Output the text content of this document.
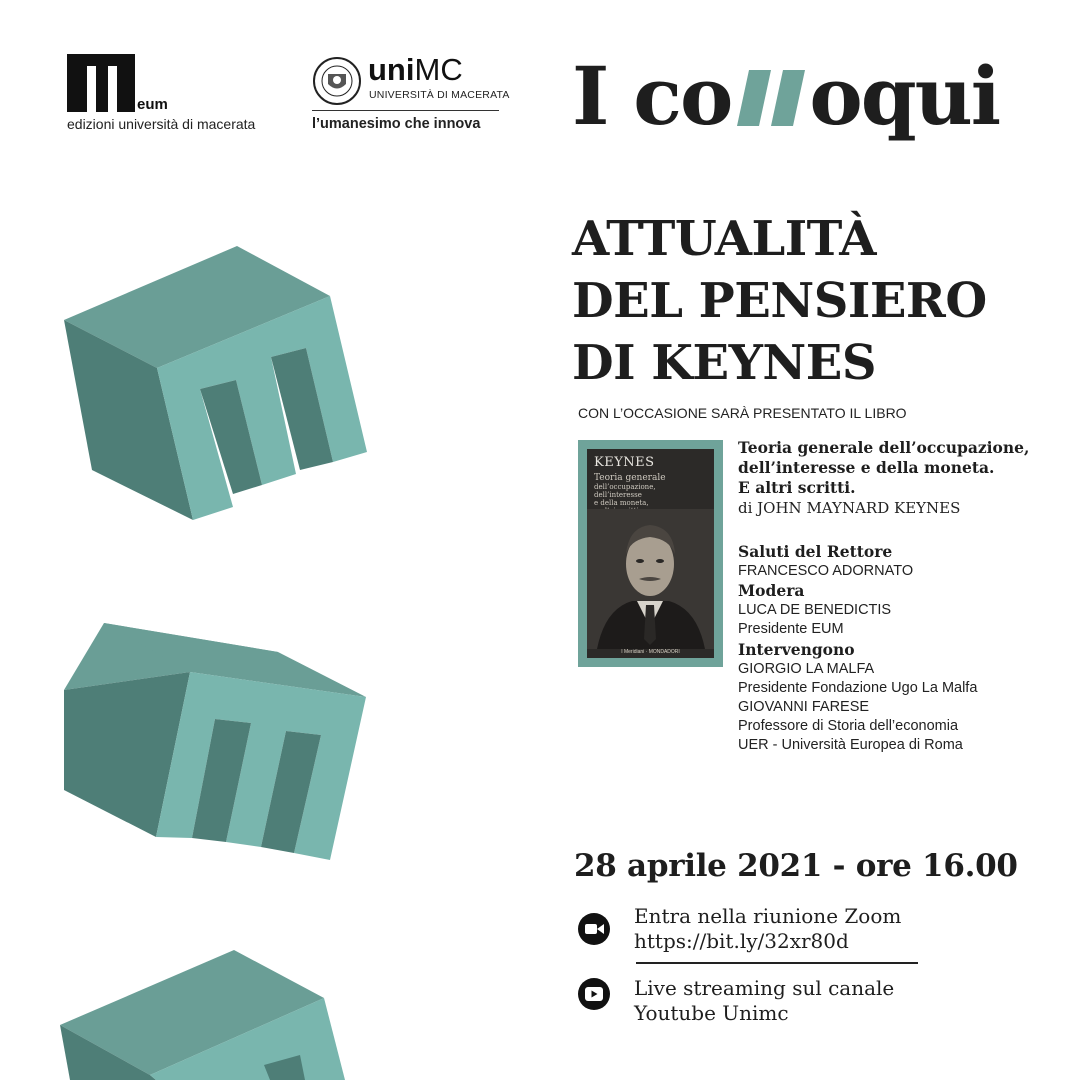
eum
edizioni università di macerata
uniMC
UNIVERSITÀ DI MACERATA
l’umanesimo che innova I co oqui
ATTUALITÀ
DEL PENSIERO
DI KEYNES
CON L’OCCASIONE SARÀ PRESENTATO IL LIBRO
KEYNES
Teoria generale
dell’occupazione,
dell’interesse
e della moneta,
I Meridiani · MONDADORI
Teoria generale dell’occupazione,
dell’interesse e della moneta.
E altri scritti.
di JOHN MAYNARD KEYNES
Saluti del Rettore
FRANCESCO ADORNATO
Modera
LUCA DE BENEDICTIS
Presidente EUM
Intervengono
GIORGIO LA MALFA
Presidente Fondazione Ugo La Malfa
GIOVANNI FARESE
Professore di Storia dell’economia
UER - Università Europea di Roma
28 aprile 2021 - ore 16.00
Entra nella riunione Zoom
https://bit.ly/32xr80d
Live streaming sul canale
Youtube Unimc
